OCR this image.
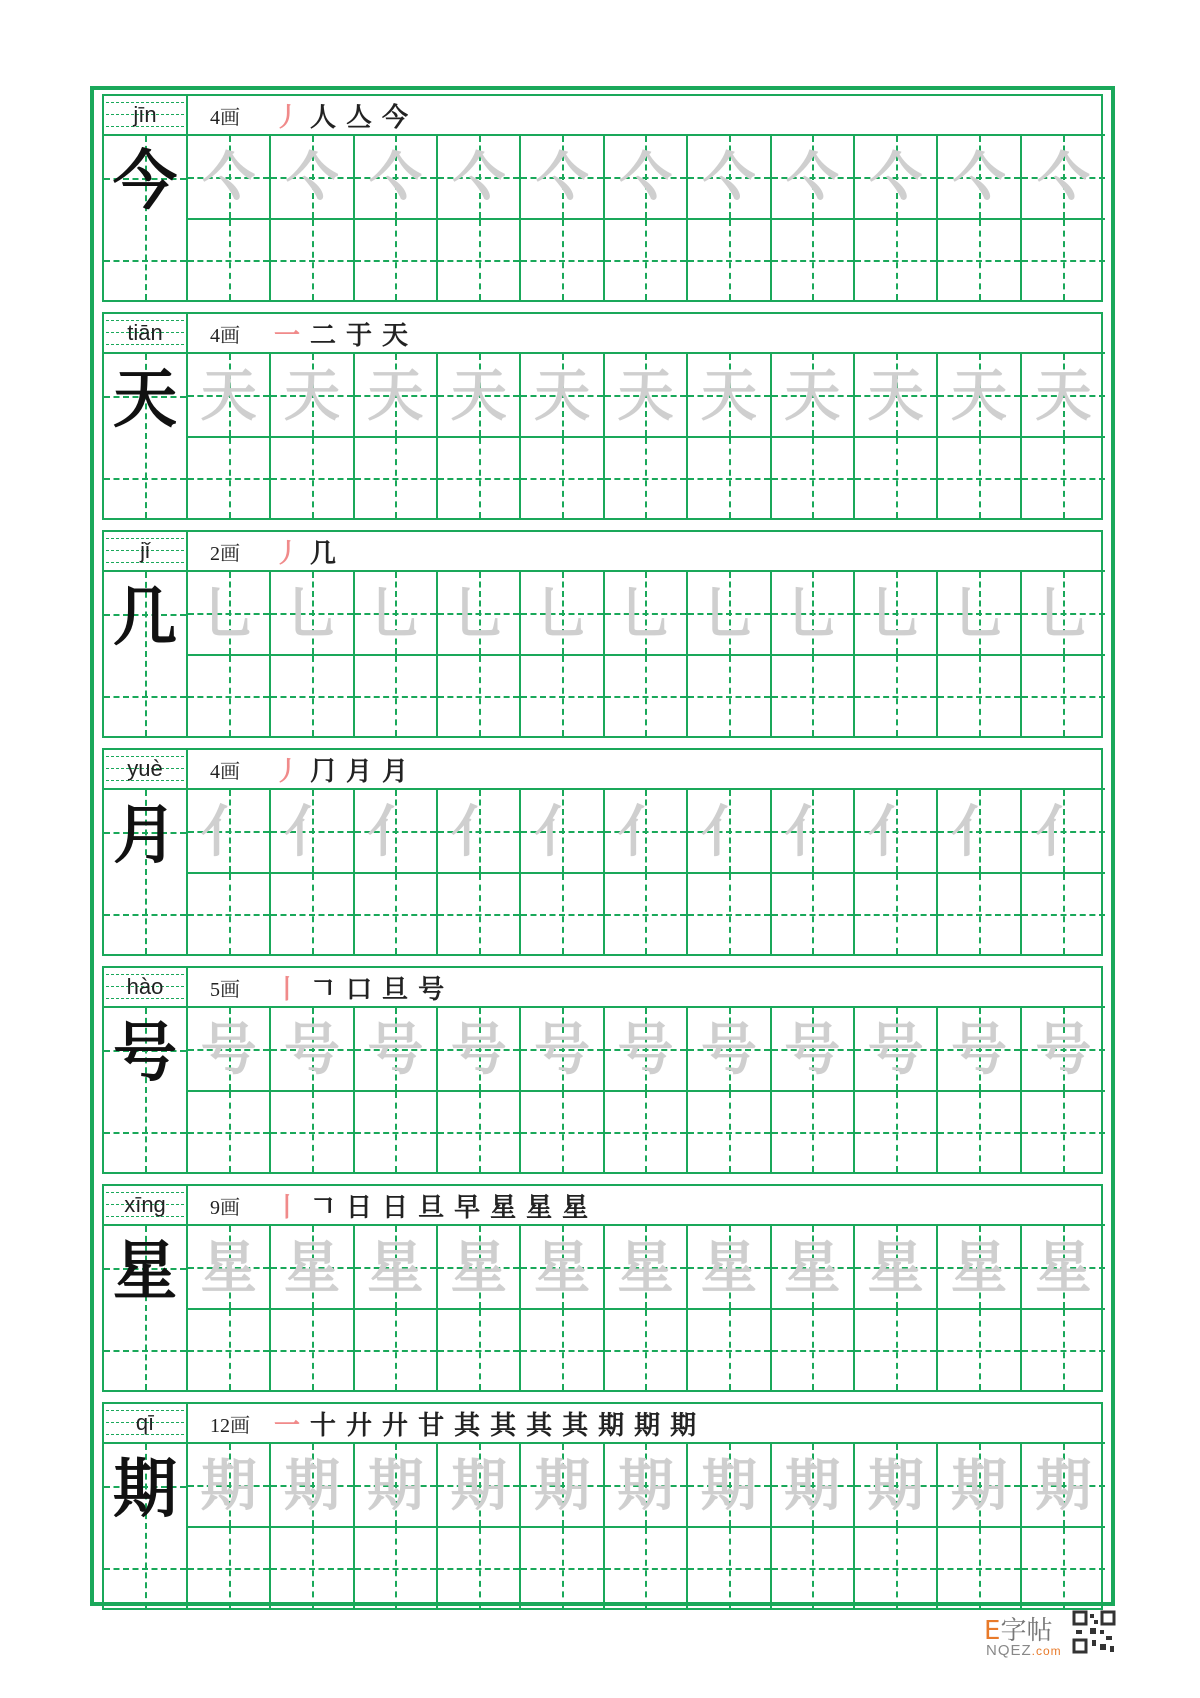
jīn	4画	丿 人 亼 今
今 亽 亽 亽 亽 亽 亽 亽 亽 亽 亽 亽
tiān	4画	一 二 于 天
天 天 天 天 天 天 天 天 天 天 天 天
jǐ	2画	丿 几
几 乚 乚 乚 乚 乚 乚 乚 乚 乚 乚 乚
yuè	4画	丿 ⺆ 月 月
月 ⺅ ⺅ ⺅ ⺅ ⺅ ⺅ ⺅ ⺅ ⺅ ⺅ ⺅
hào	5画	丨 𠃍 口 旦 号
号 号 号 号 号 号 号 号 号 号 号 号
xīng	9画	丨 𠃍 日 日 旦 早 星 星 星
星 星 星 星 星 星 星 星 星 星 星 星
qī	12画 一 十 廾 廾 甘 其 其 其 其 期 期 期
期 期 期 期 期 期 期 期 期 期 期 期
E字帖
NQEZ.com
